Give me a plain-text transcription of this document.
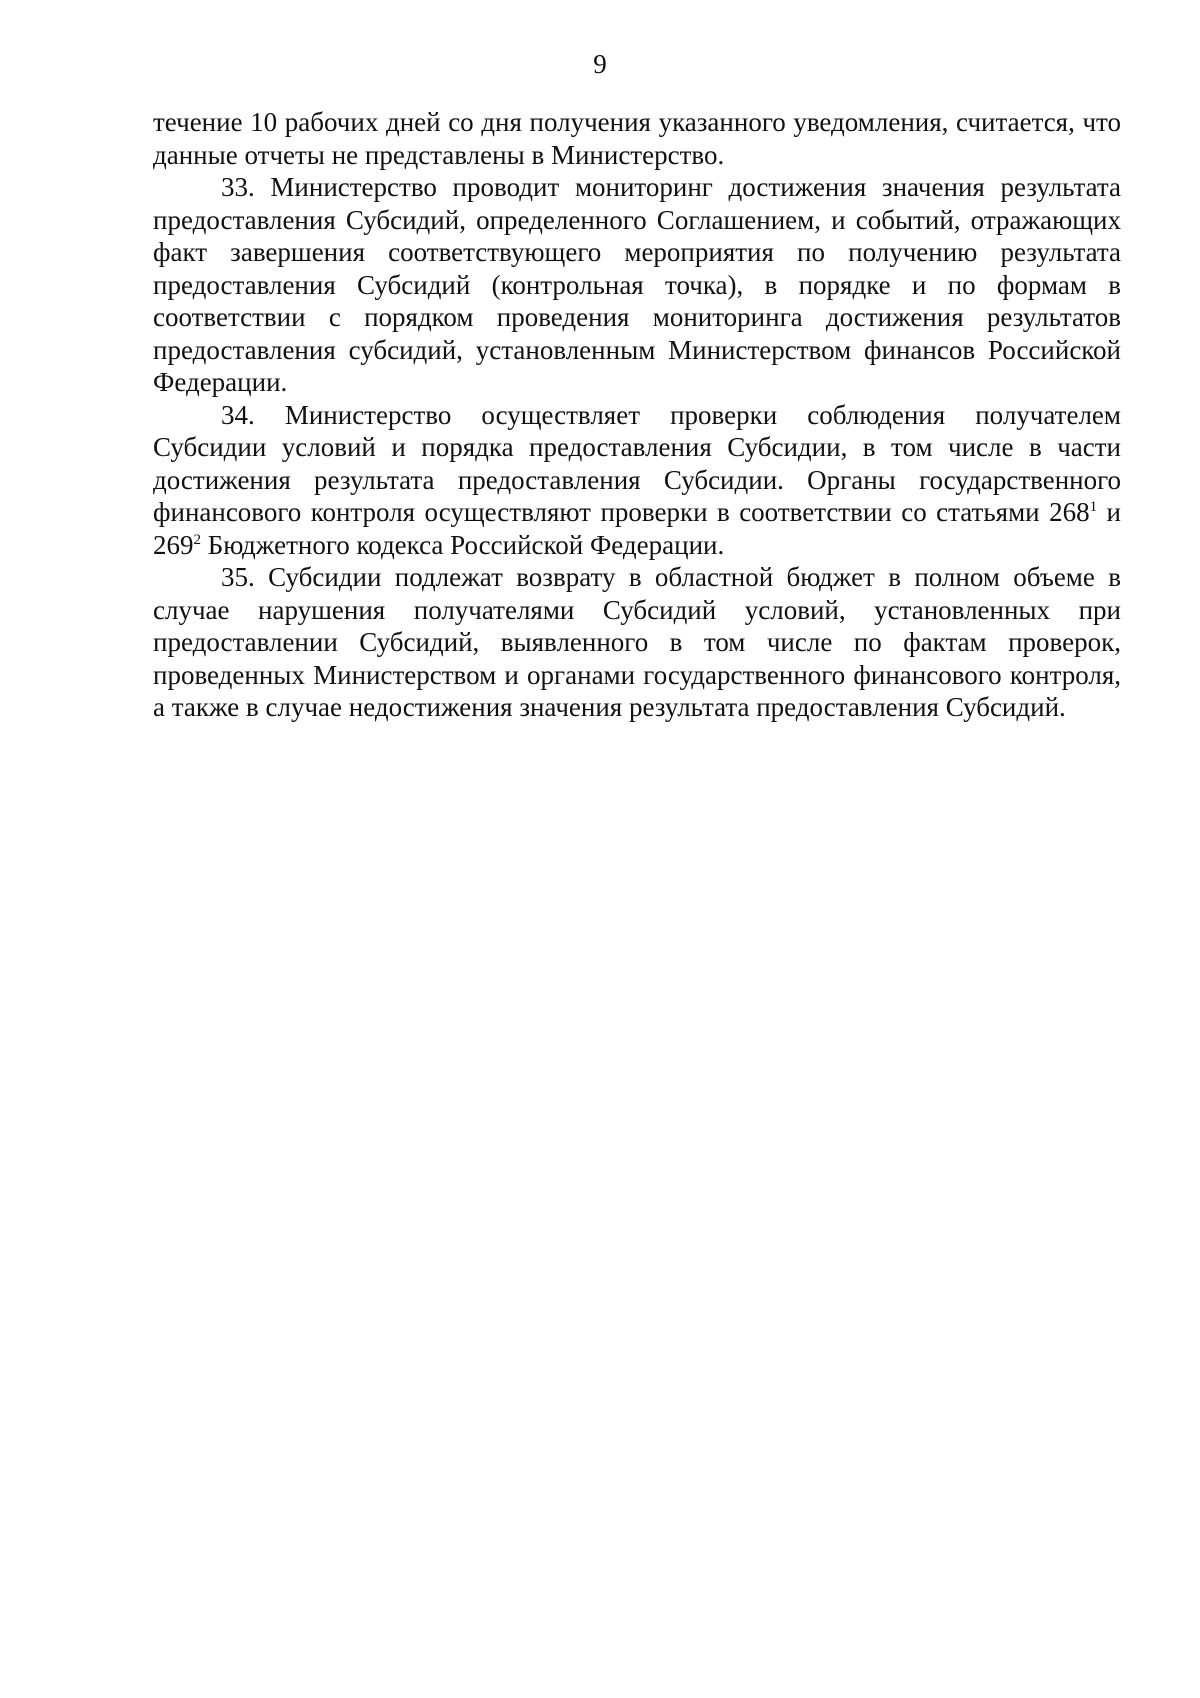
9

течение 10 рабочих дней со дня получения указанного уведомления, считается, что данные отчеты не представлены в Министерство.

33. Министерство проводит мониторинг достижения значения результата предоставления Субсидий, определенного Соглашением, и событий, отражающих факт завершения соответствующего мероприятия по получению результата предоставления Субсидий (контрольная точка), в порядке и по формам в соответствии с порядком проведения мониторинга достижения результатов предоставления субсидий, установленным Министерством финансов Российской Федерации.

34. Министерство осуществляет проверки соблюдения получателем Субсидии условий и порядка предоставления Субсидии, в том числе в части достижения результата предоставления Субсидии. Органы государственного финансового контроля осуществляют проверки в соответствии со статьями $268^1$ и $269^2$ Бюджетного кодекса Российской Федерации.

35. Субсидии подлежат возврату в областной бюджет в полном объеме в случае нарушения получателями Субсидий условий, установленных при предоставлении Субсидий, выявленного в том числе по фактам проверок, проведенных Министерством и органами государственного финансового контроля, а также в случае недостижения значения результата предоставления Субсидий.
